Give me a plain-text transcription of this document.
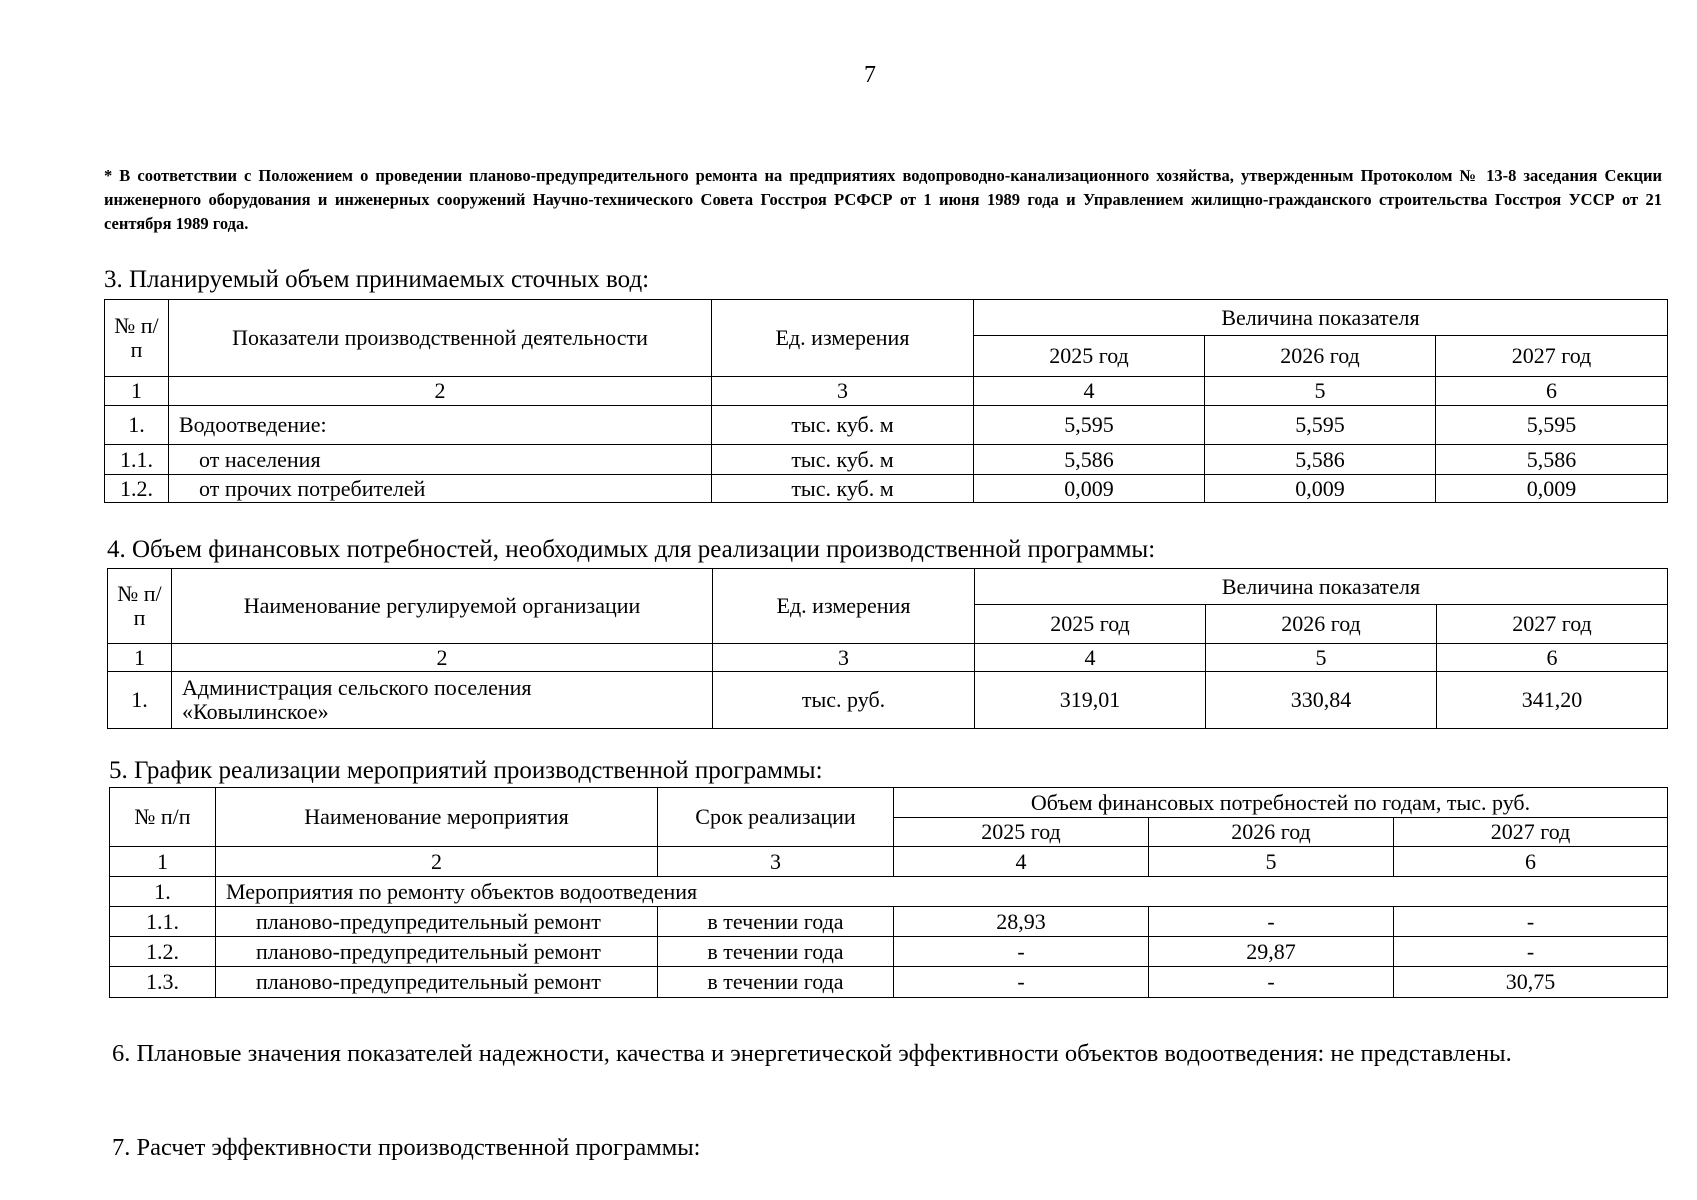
7
* В соответствии с Положением о проведении планово-предупредительного ремонта на предприятиях водопроводно-канализационного хозяйства, утвержденным Протоколом № 13-8 заседания Секции инженерного оборудования и инженерных сооружений Научно-технического Совета Госстроя РСФСР от 1 июня 1989 года и Управлением жилищно-гражданского строительства Госстроя УССР от 21 сентября 1989 года.
3. Планируемый объем принимаемых сточных вод:
№ п/п	Показатели производственной деятельности	Ед. измерения	Величина показателя		
			2025 год	2026 год	2027 год
1	2	3	4	5	6
1.	Водоотведение:	тыс. куб. м	5,595	5,595	5,595
1.1.	от населения	тыс. куб. м	5,586	5,586	5,586
1.2.	от прочих потребителей	тыс. куб. м	0,009	0,009	0,009
4. Объем финансовых потребностей, необходимых для реализации производственной программы:
№ п/п	Наименование регулируемой организации	Ед. измерения	Величина показателя		
			2025 год	2026 год	2027 год
1	2	3	4	5	6
1.	Администрация сельского поселения «Ковылинское»	тыс. руб.	319,01	330,84	341,20
5. График реализации мероприятий производственной программы:
№ п/п	Наименование мероприятия	Срок реализации	Объем финансовых потребностей по годам, тыс. руб.		
			2025 год	2026 год	2027 год
1	2	3	4	5	6
1.	Мероприятия по ремонту объектов водоотведения				
1.1.	планово-предупредительный ремонт	в течении года	28,93	-	-
1.2.	планово-предупредительный ремонт	в течении года	-	29,87	-
1.3.	планово-предупредительный ремонт	в течении года	-	-	30,75
6. Плановые значения показателей надежности, качества и энергетической эффективности объектов водоотведения: не представлены.
7. Расчет эффективности производственной программы:
